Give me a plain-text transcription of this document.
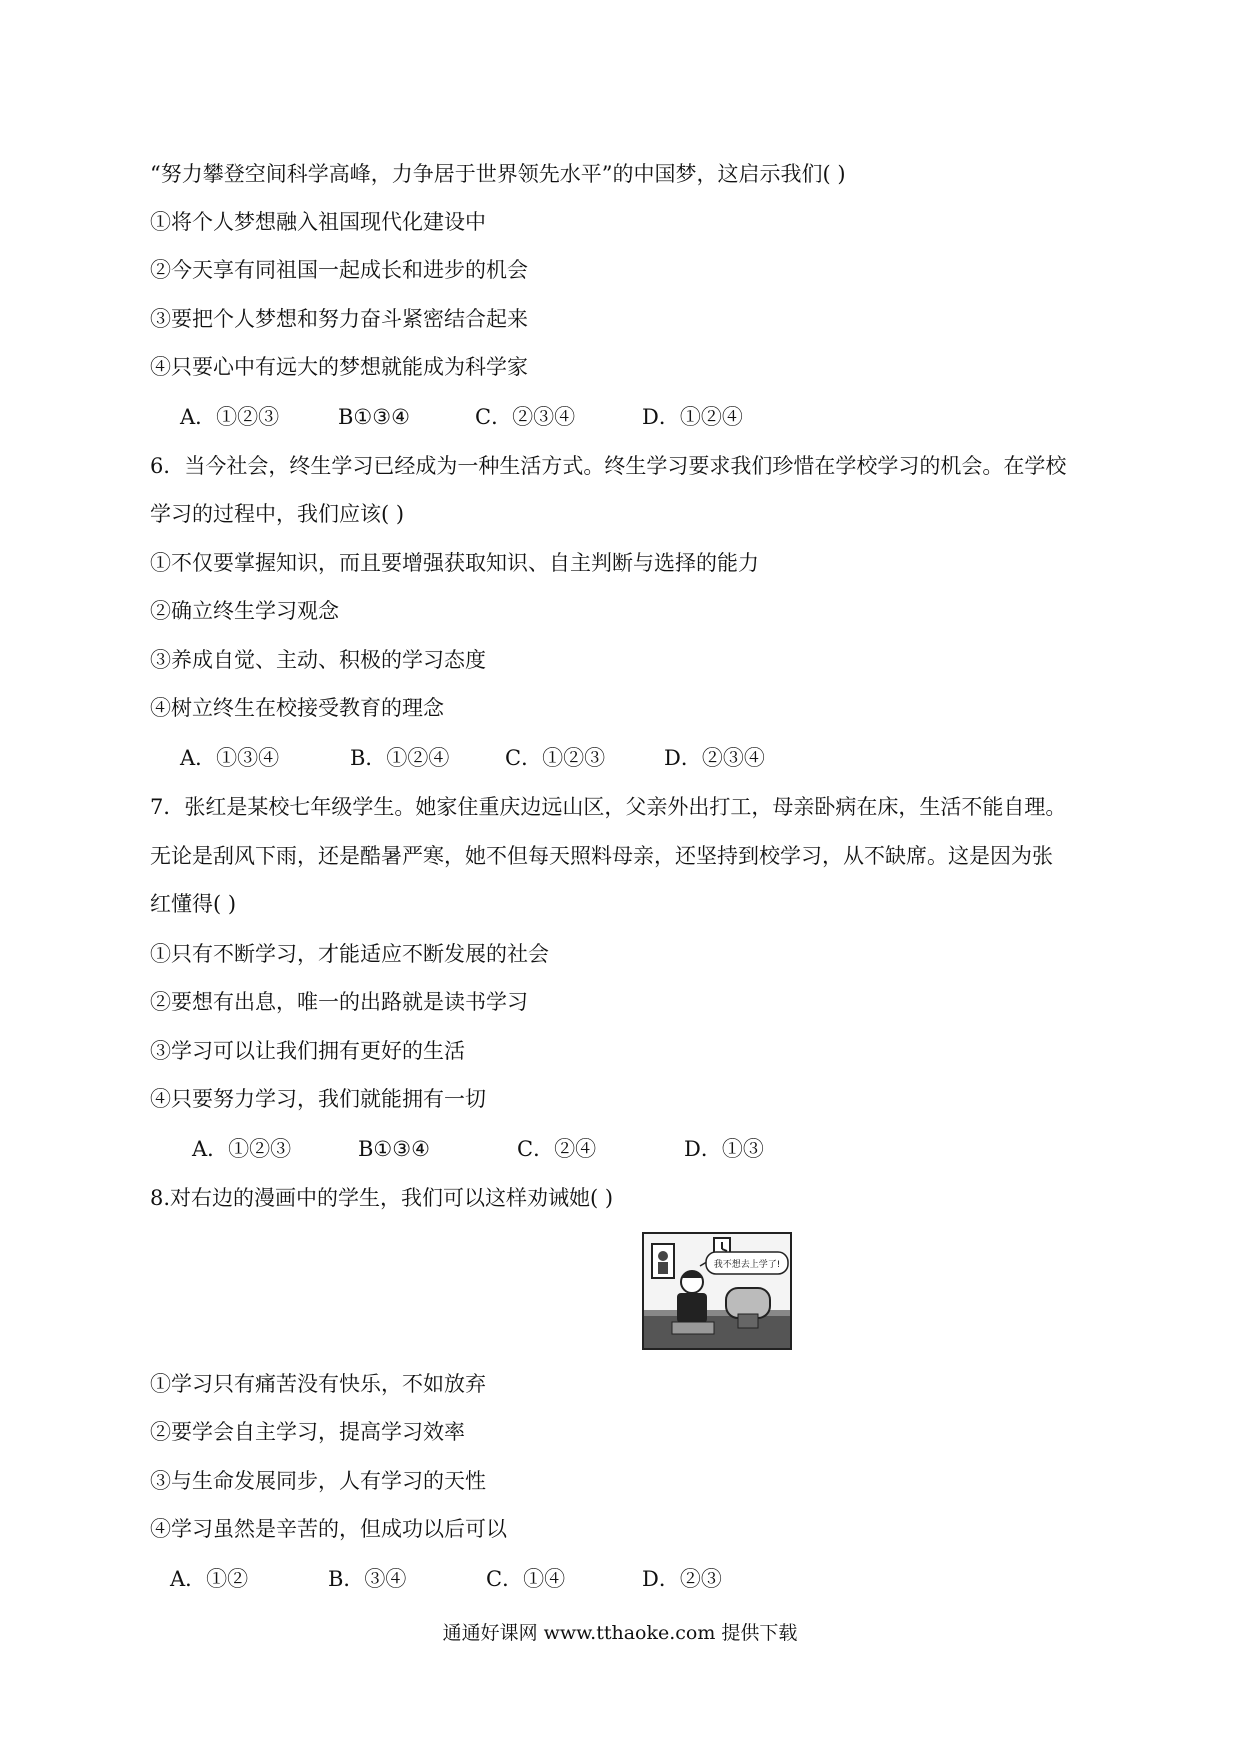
“努力攀登空间科学高峰，力争居于世界领先水平”的中国梦，这启示我们( )
①将个人梦想融入祖国现代化建设中
②今天享有同祖国一起成长和进步的机会
③要把个人梦想和努力奋斗紧密结合起来
④只要心中有远大的梦想就能成为科学家
A．①②③	B①③④	C．②③④	D．①②④
6．当今社会，终生学习已经成为一种生活方式。终生学习要求我们珍惜在学校学习的机会。在学校
学习的过程中，我们应该( )
①不仅要掌握知识，而且要增强获取知识、自主判断与选择的能力
②确立终生学习观念
③养成自觉、主动、积极的学习态度
④树立终生在校接受教育的理念
A．①③④	B．①②④	C．①②③	D．②③④
7．张红是某校七年级学生。她家住重庆边远山区，父亲外出打工，母亲卧病在床，生活不能自理。
无论是刮风下雨，还是酷暑严寒，她不但每天照料母亲，还坚持到校学习，从不缺席。这是因为张
红懂得( )
①只有不断学习，才能适应不断发展的社会
②要想有出息，唯一的出路就是读书学习
③学习可以让我们拥有更好的生活
④只要努力学习，我们就能拥有一切
A．①②③	B①③④	C．②④	D．①③
8.对右边的漫画中的学生，我们可以这样劝诫她( )
我不想去上学了!
①学习只有痛苦没有快乐，不如放弃
②要学会自主学习，提高学习效率
③与生命发展同步，人有学习的天性
④学习虽然是辛苦的，但成功以后可以
A．①②	B．③④	C．①④	D．②③
通通好课网 www.tthaoke.com 提供下载
